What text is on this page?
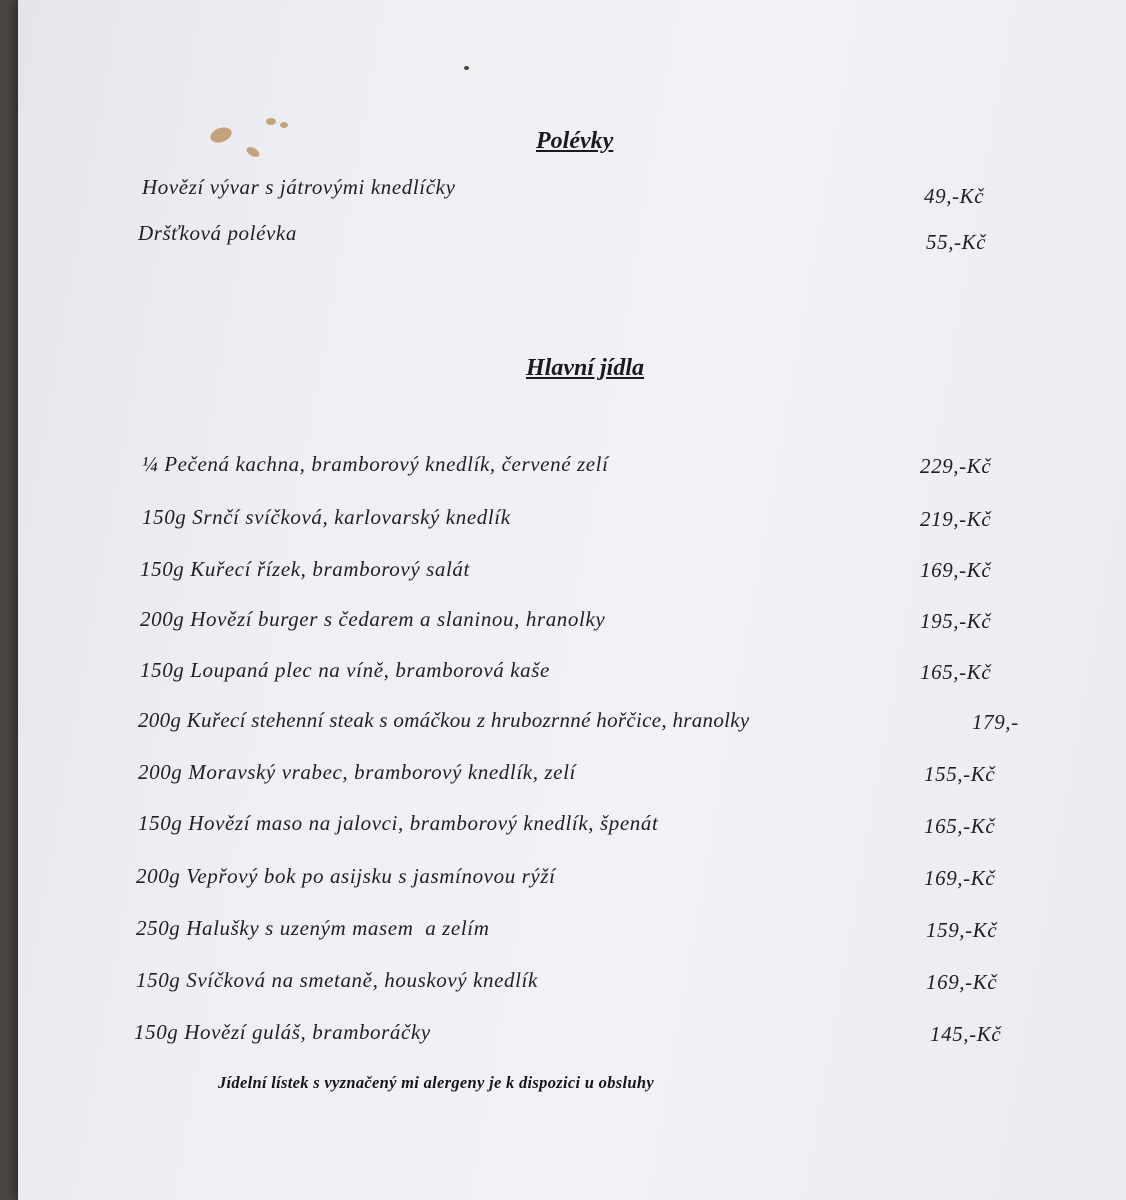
Polévky
Hovězí vývar s játrovými knedlíčky	49,-Kč
Dršťková polévka	55,-Kč
Hlavní jídla
¼ Pečená kachna, bramborový knedlík, červené zelí	229,-Kč
150g Srnčí svíčková, karlovarský knedlík	219,-Kč
150g Kuřecí řízek, bramborový salát	169,-Kč
200g Hovězí burger s čedarem a slaninou, hranolky	195,-Kč
150g Loupaná plec na víně, bramborová kaše	165,-Kč
200g Kuřecí stehenní steak s omáčkou z hrubozrnné hořčice, hranolky	179,-
200g Moravský vrabec, bramborový knedlík, zelí	155,-Kč
150g Hovězí maso na jalovci, bramborový knedlík, špenát	165,-Kč
200g Vepřový bok po asijsku s jasmínovou rýží	169,-Kč
250g Halušky s uzeným masem  a zelím	159,-Kč
150g Svíčková na smetaně, houskový knedlík	169,-Kč
150g Hovězí guláš, bramboráčky	145,-Kč
Jídelní lístek s vyznačený mi alergeny je k dispozici u obsluhy
